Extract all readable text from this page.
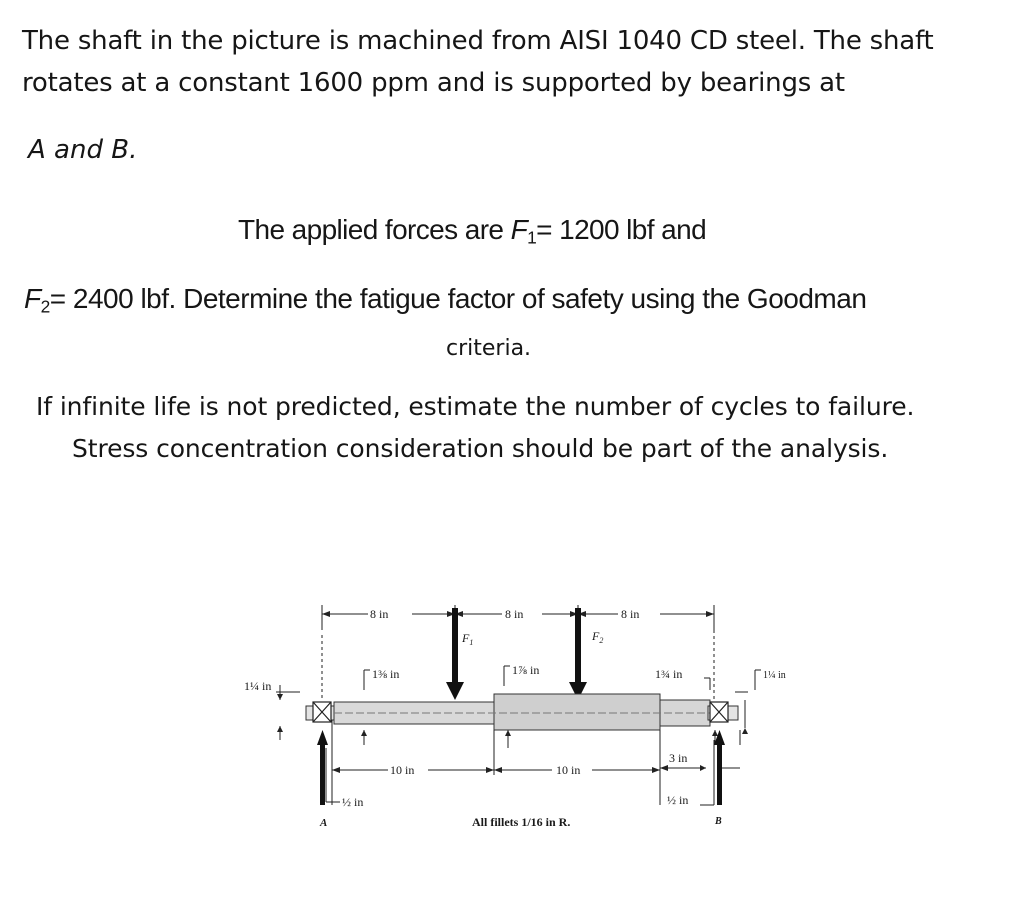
The shaft in the picture is machined from AISI 1040 CD steel. The shaft

rotates at a constant 1600 ppm and is supported by bearings at

A and B.

The applied forces are $F_1= 1200$ lbf and

$F_2= 2400$ lbf. Determine the fatigue factor of safety using the Goodman

criteria.

If infinite life is not predicted, estimate the number of cycles to failure.

Stress concentration consideration should be part of the analysis.

8 in	8 in	8 in
$F_1$	$F_2$
1¼ in
1⅜ in	1⅞ in	1¾ in	1¼ in
10 in	10 in
3 in
½ in	½ in
A	B
All fillets 1/16 in R.
